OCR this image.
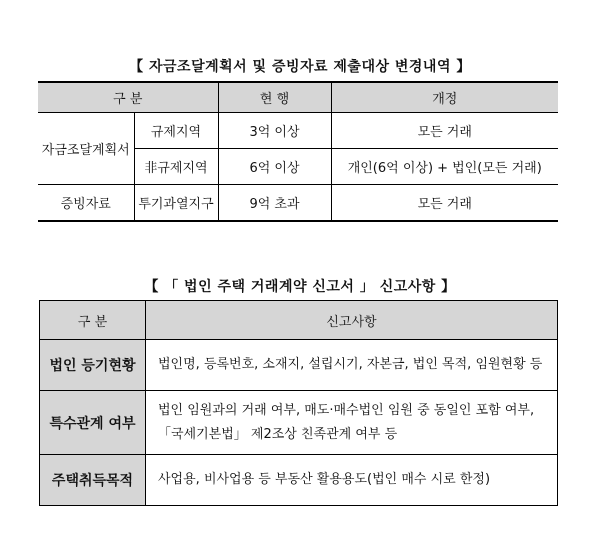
【 자금조달계획서 및 증빙자료 제출대상 변경내역 】
구 분		현 행	개정
자금조달계획서	규제지역	3억 이상	모든 거래
	非규제지역	6억 이상	개인(6억 이상) + 법인(모든 거래)
증빙자료	투기과열지구	9억 초과	모든 거래
【 「 법인 주택 거래계약 신고서 」 신고사항 】
구 분	신고사항
법인 등기현황	법인명, 등록번호, 소재지, 설립시기, 자본금, 법인 목적, 임원현황 등

특수관계 여부	법인 임원과의 거래 여부, 매도·매수법인 임원 중 동일인 포함 여부,
「국세기본법」 제2조상 친족관계 여부 등

주택취득목적	사업용, 비사업용 등 부동산 활용용도(법인 매수 시로 한정)
